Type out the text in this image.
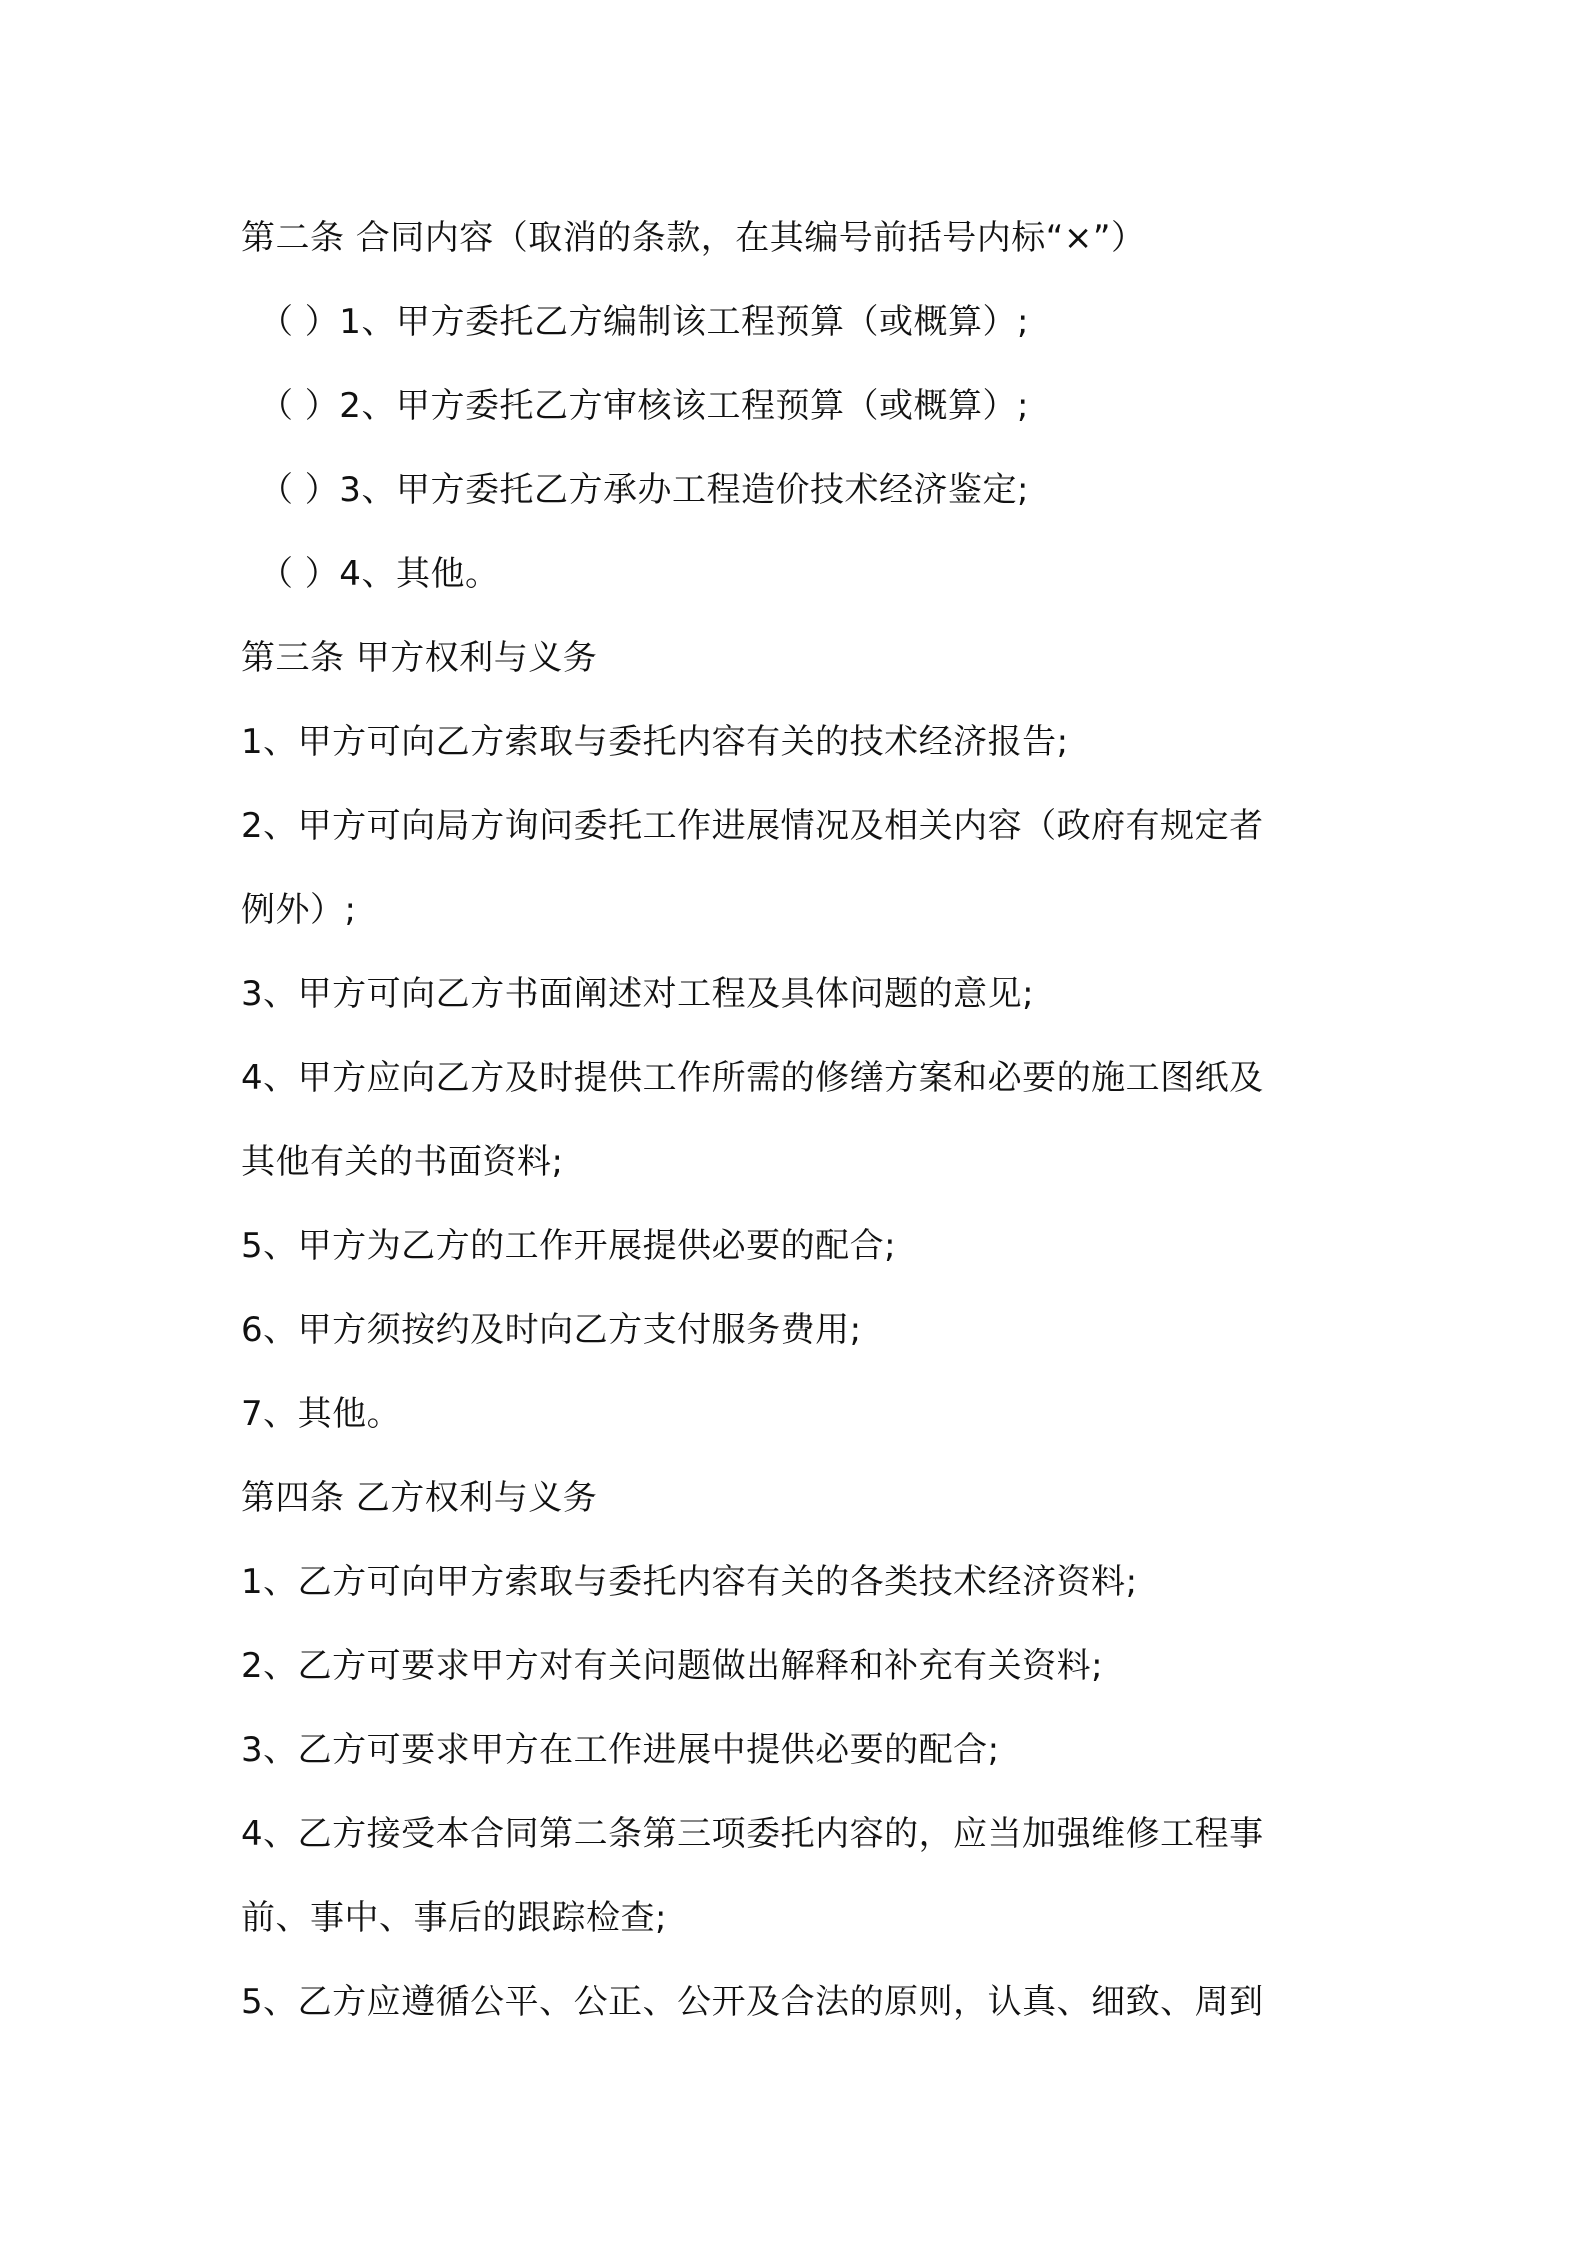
第二条 合同内容（取消的条款，在其编号前括号内标“×”）
（ ）1、甲方委托乙方编制该工程预算（或概算）;
（ ）2、甲方委托乙方审核该工程预算（或概算）;
（ ）3、甲方委托乙方承办工程造价技术经济鉴定;
（ ）4、其他。
第三条 甲方权利与义务
1、甲方可向乙方索取与委托内容有关的技术经济报告;
2、甲方可向局方询问委托工作进展情况及相关内容（政府有规定者
例外）;
3、甲方可向乙方书面阐述对工程及具体问题的意见;
4、甲方应向乙方及时提供工作所需的修缮方案和必要的施工图纸及
其他有关的书面资料;
5、甲方为乙方的工作开展提供必要的配合;
6、甲方须按约及时向乙方支付服务费用;
7、其他。
第四条 乙方权利与义务
1、乙方可向甲方索取与委托内容有关的各类技术经济资料;
2、乙方可要求甲方对有关问题做出解释和补充有关资料;
3、乙方可要求甲方在工作进展中提供必要的配合;
4、乙方接受本合同第二条第三项委托内容的，应当加强维修工程事
前、事中、事后的跟踪检查;
5、乙方应遵循公平、公正、公开及合法的原则，认真、细致、周到
